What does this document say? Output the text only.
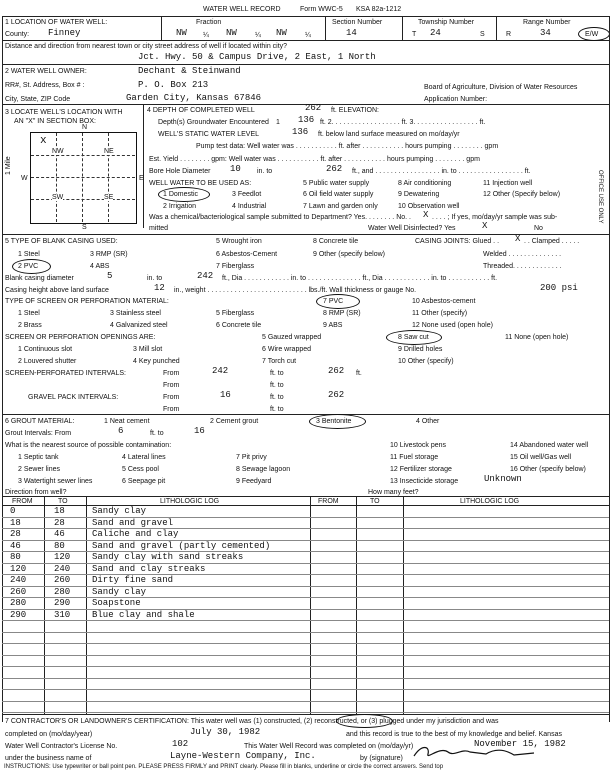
WATER WELL RECORD	Form WWC-5 KSA 82a-1212
1 LOCATION OF WATER WELL:
County: Finney
Fraction
NW ¼ NW	¼ NW	¼
Section Number
14
Township Number
T 24	S
Range Number
R	34	E/W
Distance and direction from nearest town or city street address of well if located within city?
Jct. Hwy. 50 & Campus Drive, 2 East, 1 North
2 WATER WELL OWNER:	Dechant & Steinwand
RR#, St. Address, Box # :	P. O. Box 213
City, State, ZIP Code	Garden City, Kansas 67846
Board of Agriculture, Division of Water Resources
Application Number:
3 LOCATE WELL'S LOCATION WITH
AN "X" IN SECTION BOX:
N
S
W	E
NW	NE
SW	SE
x
1 Mile
4 DEPTH OF COMPLETED WELL	262 ft. ELEVATION:
Depth(s) Groundwater Encountered 1 136 ft. 2. . . . . . . . . . . . . . . . . . ft. 3. . . . . . . . . . . . . . . . . ft.
WELL'S STATIC WATER LEVEL	136 ft. below land surface measured on mo/day/yr
Pump test data: Well water was . . . . . . . . . . . ft. after . . . . . . . . . . . hours pumping . . . . . . . . gpm
Est. Yield . . . . . . . . gpm: Well water was . . . . . . . . . . . ft. after . . . . . . . . . . . hours pumping . . . . . . . . gpm
Bore Hole Diameter 10 in. to	262 ft., and . . . . . . . . . . . . . . . . . in. to . . . . . . . . . . . . . . . . . ft.
WELL WATER TO BE USED AS:
1 Domestic	3 Feedlot
5 Public water supply	8 Air conditioning	11 Injection well
2 Irrigation	4 Industrial
6 Oil field water supply	9 Dewatering	12 Other (Specify below)
7 Lawn and garden only	10 Observation well
Was a chemical/bacteriological sample submitted to Department? Yes. . . . . . . . No. . X . . . . ; If yes, mo/day/yr sample was sub-
mitted	Water Well Disinfected? Yes	X	No
5 TYPE OF BLANK CASING USED:
1 Steel
2 PVC
3 RMP (SR)
4 ABS
5 Wrought iron
6 Asbestos-Cement
7 Fiberglass
8 Concrete tile
9 Other (specify below)
CASING JOINTS: Glued . . X . . Clamped . . . . .
Welded . . . . . . . . . . . . . .
Threaded. . . . . . . . . . . . .
Blank casing diameter	5	in. to	242 ft., Dia . . . . . . . . . . . . in. to . . . . . . . . . . . . . . ft., Dia . . . . . . . . . . . . in. to . . . . . . . . . . . ft.
Casing height above land surface	12 in., weight . . . . . . . . . . . . . . . . . . . . . . . . . . lbs./ft. Wall thickness or gauge No.	200 psi
TYPE OF SCREEN OR PERFORATION MATERIAL:	7 PVC	10 Asbestos-cement
1 Steel	3 Stainless steel	5 Fiberglass	8 RMP (SR)	11 Other (specify)
2 Brass	4 Galvanized steel	6 Concrete tile	9 ABS	12 None used (open hole)
SCREEN OR PERFORATION OPENINGS ARE:	5 Gauzed wrapped	8 Saw cut	11 None (open hole)
1 Continuous slot	3 Mill slot	6 Wire wrapped	9 Drilled holes
2 Louvered shutter	4 Key punched	7 Torch cut	10 Other (specify)
SCREEN-PERFORATED INTERVALS:	From	242	ft. to	262 ft.
From	ft. to
GRAVEL PACK INTERVALS:	From	16	ft. to	262
From	ft. to
6 GROUT MATERIAL:	1 Neat cement	2 Cement grout	3 Bentonite	4 Other
Grout Intervals: From	6	ft. to	16
What is the nearest source of possible contamination:	10 Livestock pens	14 Abandoned water well
1 Septic tank	4 Lateral lines	7 Pit privy	11 Fuel storage	15 Oil well/Gas well
2 Sewer lines	5 Cess pool	8 Sewage lagoon	12 Fertilizer storage	16 Other (specify below)
3 Watertight sewer lines	6 Seepage pit	9 Feedyard	13 Insecticide storage	Unknown
Direction from well?	How many feet?
FROM	TO	LITHOLOGIC LOG	FROM	TO	LITHOLOGIC LOG
0	18	Sandy clay
18	28	Sand and gravel
28	46	Caliche and clay
46	80	Sand and gravel (partly cemented)
80	120 Sandy clay with sand streaks
120	240 Sand and clay streaks
240	260 Dirty fine sand
260	280 Sandy clay
280	290 Soapstone
290	310 Blue clay and shale
7 CONTRACTOR'S OR LANDOWNER'S CERTIFICATION: This water well was (1) constructed, (2) reconstructed, or (3) plugged under my jurisdiction and was
completed on (mo/day/year)	July 30, 1982	and this record is true to the best of my knowledge and belief. Kansas
Water Well Contractor's License No.	102	This Water Well Record was completed on (mo/day/yr)	November 15, 1982
under the business name of	Layne-Western Company, Inc.	by (signature)
INSTRUCTIONS: Use typewriter or ball point pen. PLEASE PRESS FIRMLY and PRINT clearly. Please fill in blanks, underline or circle the correct answers. Send top
OFFICE USE ONLY
